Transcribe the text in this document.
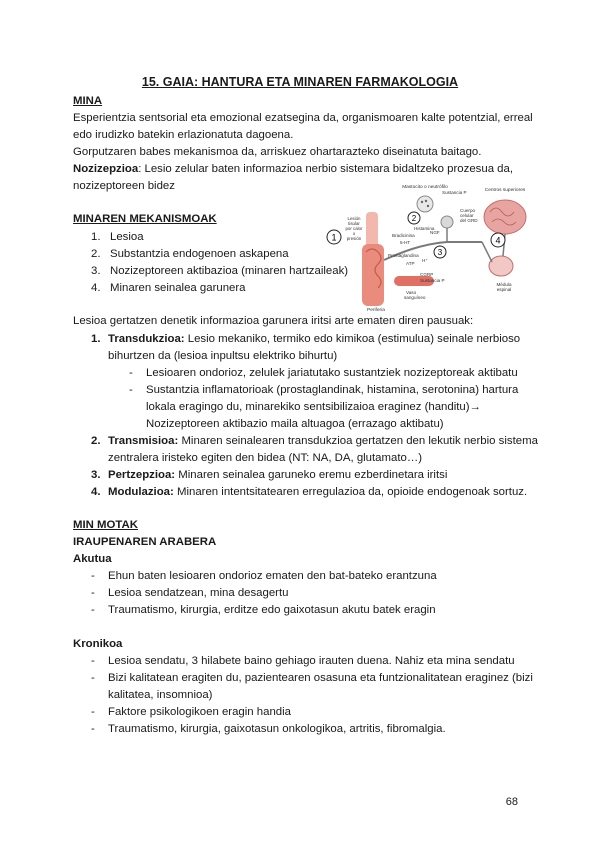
15. GAIA: HANTURA ETA MINAREN FARMAKOLOGIA
MINA
Esperientzia sentsorial eta emozional ezatsegina da, organismoaren kalte potentzial, erreal
edo irudizko batekin erlazionatuta dagoena.
Gorputzaren babes mekanismoa da, arriskuez ohartarazteko diseinatuta baitago.
Nozizepzioa: Lesio zelular baten informazioa nerbio sistemara bidaltzeko prozesua da,
nozizeptoreen bidez
MINAREN MEKANISMOAK
1. Lesioa
2. Substantzia endogenoen askapena
3. Nozizeptoreen aktibazioa (minaren hartzaileak)
4. Minaren seinalea garunera
1
2
3
4
Mastocito o neutrófilo
Sustancia P	Centros superiores
Lesión
tisular
por calor
o
presión
Histamina
NGF
Bradicinina
5-HT
Prostaglandina
ATP
H⁺
Cuerpo
celular
del GRD
CGRP
Sustancia P
Vaso
sanguíneo
Periferia
Médula
espinal
Lesioa gertatzen denetik informazioa garunera iritsi arte ematen diren pausuak:
1. Transdukzioa: Lesio mekaniko, termiko edo kimikoa (estimulua) seinale nerbioso
bihurtzen da (lesioa inpultsu elektriko bihurtu)
- Lesioaren ondorioz, zelulek jariatutako sustantziek nozizeptoreak aktibatu
- Sustantzia inflamatorioak (prostaglandinak, histamina, serotonina) hartura
lokala eragingo du, minarekiko sentsibilizaioa eraginez (handitu)→
Nozizeptoreen aktibazio maila altuagoa (errazago aktibatu)
2. Transmisioa: Minaren seinalearen transdukzioa gertatzen den lekutik nerbio sistema
zentralera iristeko egiten den bidea (NT: NA, DA, glutamato…)
3. Pertzepzioa: Minaren seinalea garuneko eremu ezberdinetara iritsi
4. Modulazioa: Minaren intentsitatearen erregulazioa da, opioide endogenoak sortuz.
MIN MOTAK
IRAUPENAREN ARABERA
Akutua
- Ehun baten lesioaren ondorioz ematen den bat-bateko erantzuna
- Lesioa sendatzean, mina desagertu
- Traumatismo, kirurgia, erditze edo gaixotasun akutu batek eragin
Kronikoa
- Lesioa sendatu, 3 hilabete baino gehiago irauten duena. Nahiz eta mina sendatu
- Bizi kalitatean eragiten du, pazientearen osasuna eta funtzionalitatean eraginez (bizi
kalitatea, insomnioa)
- Faktore psikologikoen eragin handia
- Traumatismo, kirurgia, gaixotasun onkologikoa, artritis, fibromalgia.
68
